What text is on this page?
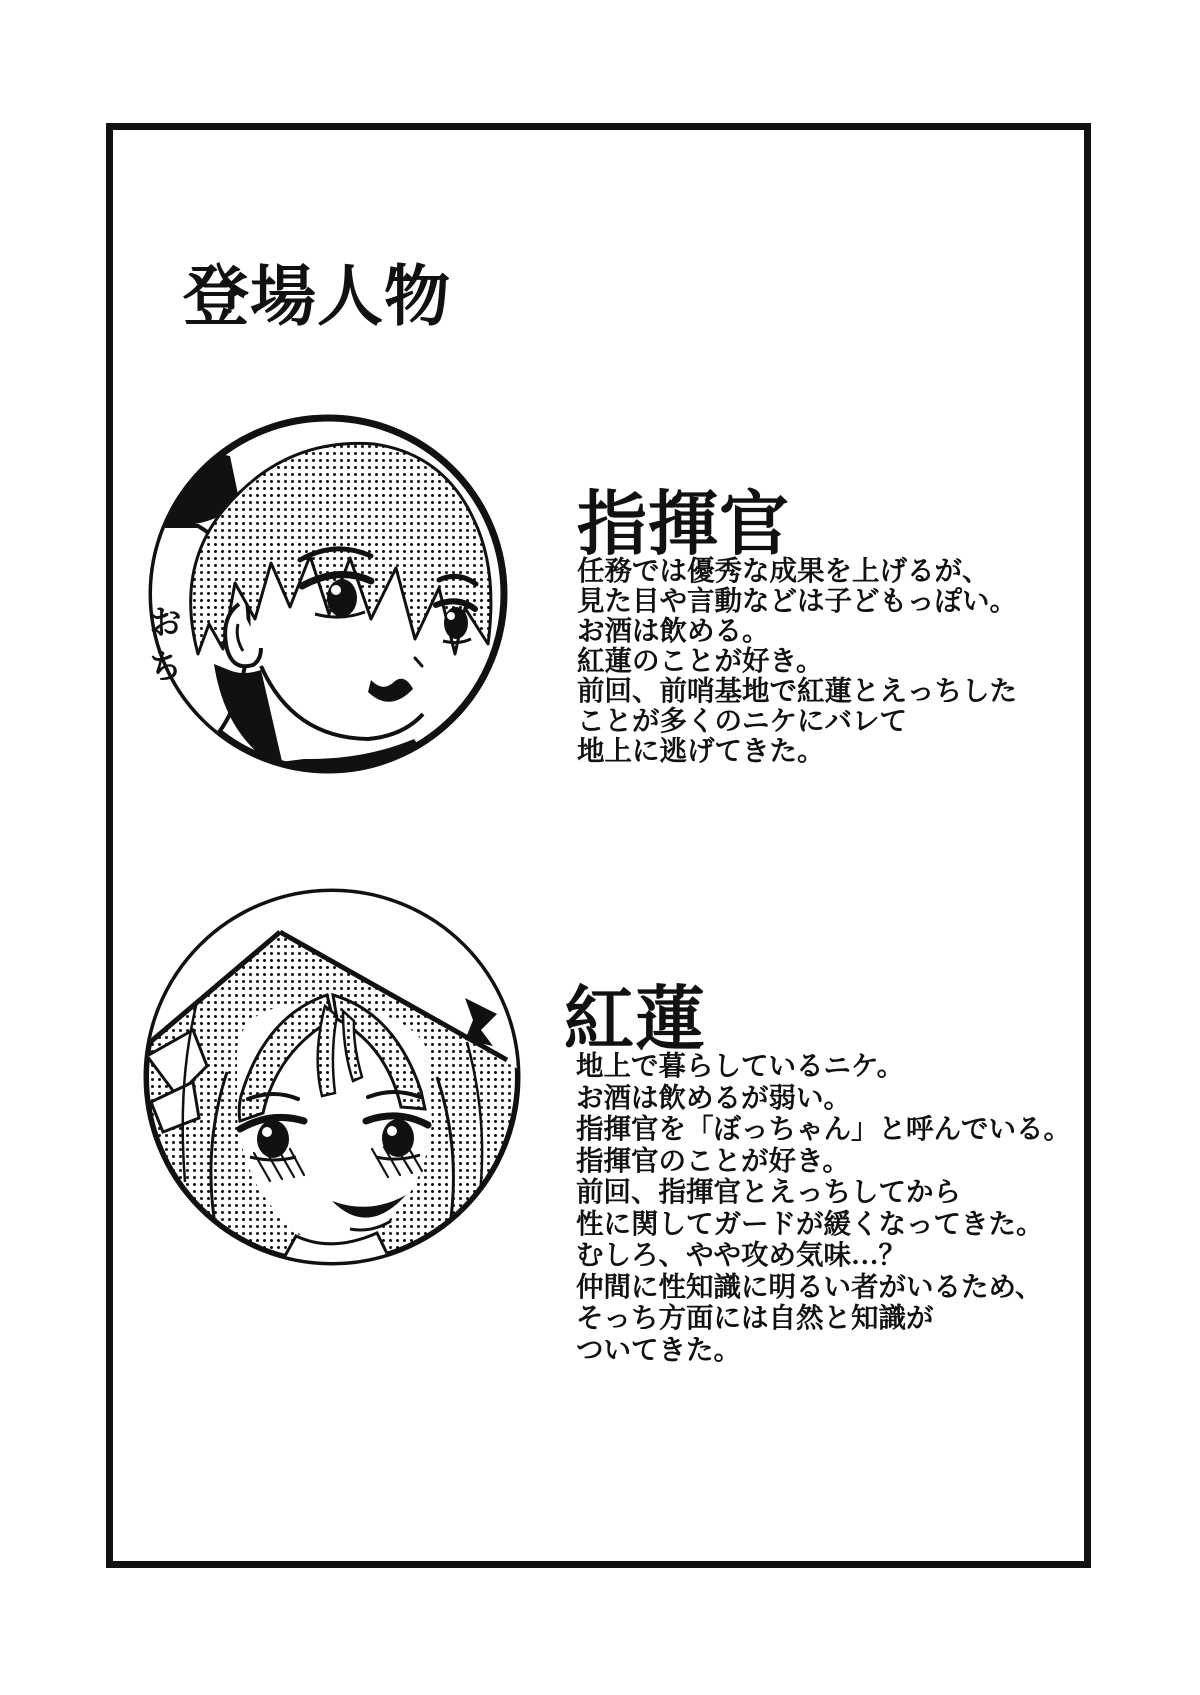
登場人物
おち
指揮官
任務では優秀な成果を上げるが、
見た目や言動などは子どもっぽい。
お酒は飲める。
紅蓮のことが好き。
前回、前哨基地で紅蓮とえっちした
ことが多くのニケにバレて
地上に逃げてきた。
紅蓮
地上で暮らしているニケ。
お酒は飲めるが弱い。
指揮官を「ぼっちゃん」と呼んでいる。
指揮官のことが好き。
前回、指揮官とえっちしてから
性に関してガードが緩くなってきた。
むしろ、やや攻め気味…？
仲間に性知識に明るい者がいるため、
そっち方面には自然と知識が
ついてきた。
